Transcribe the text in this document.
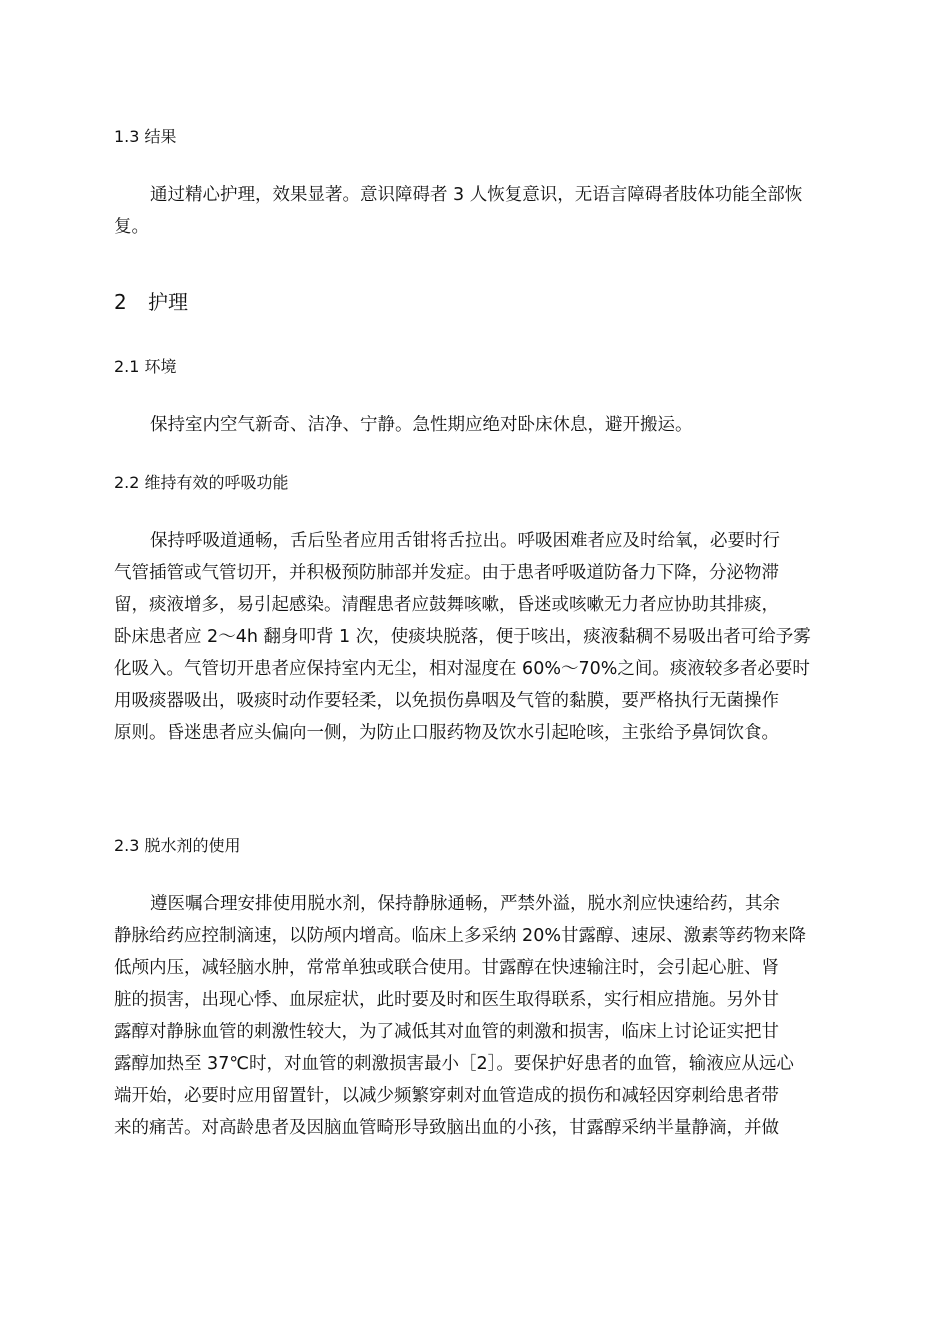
1.3 结果
通过精心护理，效果显著。意识障碍者 3 人恢复意识，无语言障碍者肢体功能全部恢
复。
2 护理
2.1 环境
保持室内空气新奇、洁净、宁静。急性期应绝对卧床休息，避开搬运。
2.2 维持有效的呼吸功能
保持呼吸道通畅，舌后坠者应用舌钳将舌拉出。呼吸困难者应及时给氧，必要时行
气管插管或气管切开，并积极预防肺部并发症。由于患者呼吸道防备力下降，分泌物滞
留，痰液增多，易引起感染。清醒患者应鼓舞咳嗽，昏迷或咳嗽无力者应协助其排痰，
卧床患者应 2～4h 翻身叩背 1 次，使痰块脱落，便于咳出，痰液黏稠不易吸出者可给予雾
化吸入。气管切开患者应保持室内无尘，相对湿度在 60%～70%之间。痰液较多者必要时
用吸痰器吸出，吸痰时动作要轻柔，以免损伤鼻咽及气管的黏膜，要严格执行无菌操作
原则。昏迷患者应头偏向一侧，为防止口服药物及饮水引起呛咳，主张给予鼻饲饮食。
2.3 脱水剂的使用
遵医嘱合理安排使用脱水剂，保持静脉通畅，严禁外溢，脱水剂应快速给药，其余
静脉给药应控制滴速，以防颅内增高。临床上多采纳 20%甘露醇、速尿、激素等药物来降
低颅内压，减轻脑水肿，常常单独或联合使用。甘露醇在快速输注时，会引起心脏、肾
脏的损害，出现心悸、血尿症状，此时要及时和医生取得联系，实行相应措施。另外甘
露醇对静脉血管的刺激性较大，为了减低其对血管的刺激和损害，临床上讨论证实把甘
露醇加热至 37℃时，对血管的刺激损害最小［2］。要保护好患者的血管，输液应从远心
端开始，必要时应用留置针，以减少频繁穿刺对血管造成的损伤和减轻因穿刺给患者带
来的痛苦。对高龄患者及因脑血管畸形导致脑出血的小孩，甘露醇采纳半量静滴，并做
